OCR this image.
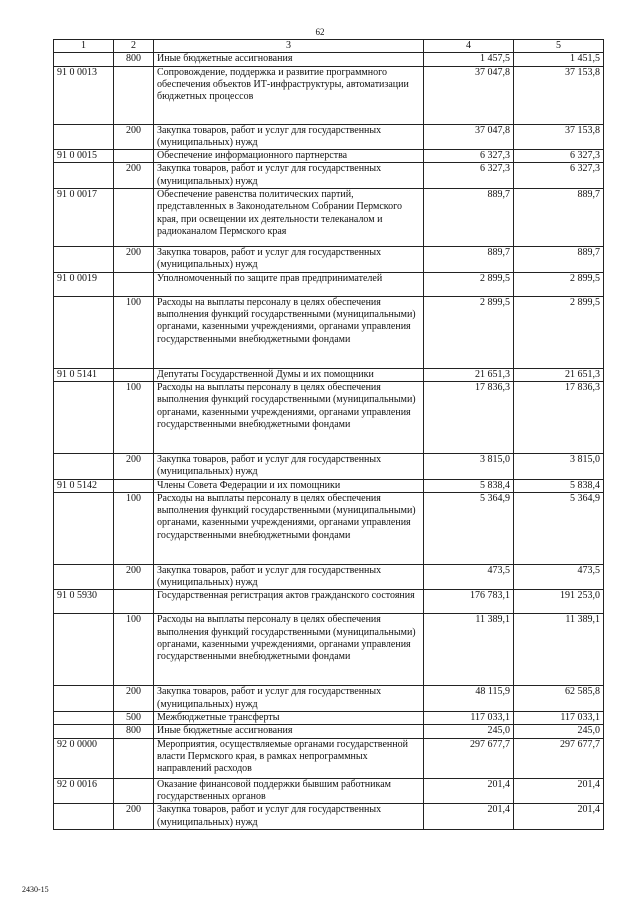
62
1	2	3	4	5
	800	Иные бюджетные ассигнования	1 457,5	1 451,5
91 0 0013		Сопровождение, поддержка и развитие программного обеспечения объектов ИТ-инфраструктуры, автоматизации бюджетных процессов	37 047,8	37 153,8
	200	Закупка товаров, работ и услуг для государственных (муниципальных) нужд	37 047,8	37 153,8
91 0 0015		Обеспечение информационного партнерства	6 327,3	6 327,3
	200	Закупка товаров, работ и услуг для государственных (муниципальных) нужд	6 327,3	6 327,3
91 0 0017		Обеспечение равенства политических партий, представленных в Законодательном Собрании Пермского края, при освещении их деятельности телеканалом и радиоканалом Пермского края	889,7	889,7
	200	Закупка товаров, работ и услуг для государственных (муниципальных) нужд	889,7	889,7
91 0 0019		Уполномоченный по защите прав предпринимателей	2 899,5	2 899,5
	100	Расходы на выплаты персоналу в целях обеспечения выполнения функций государственными (муниципальными) органами, казенными учреждениями, органами управления государственными внебюджетными фондами	2 899,5	2 899,5
91 0 5141		Депутаты Государственной Думы и их помощники	21 651,3	21 651,3
	100	Расходы на выплаты персоналу в целях обеспечения выполнения функций государственными (муниципальными) органами, казенными учреждениями, органами управления государственными внебюджетными фондами	17 836,3	17 836,3
	200	Закупка товаров, работ и услуг для государственных (муниципальных) нужд	3 815,0	3 815,0
91 0 5142		Члены Совета Федерации и их помощники	5 838,4	5 838,4
	100	Расходы на выплаты персоналу в целях обеспечения выполнения функций государственными (муниципальными) органами, казенными учреждениями, органами управления государственными внебюджетными фондами	5 364,9	5 364,9
	200	Закупка товаров, работ и услуг для государственных (муниципальных) нужд	473,5	473,5
91 0 5930		Государственная регистрация актов гражданского состояния	176 783,1	191 253,0
	100	Расходы на выплаты персоналу в целях обеспечения выполнения функций государственными (муниципальными) органами, казенными учреждениями, органами управления государственными внебюджетными фондами	11 389,1	11 389,1
	200	Закупка товаров, работ и услуг для государственных (муниципальных) нужд	48 115,9	62 585,8
	500	Межбюджетные трансферты	117 033,1	117 033,1
	800	Иные бюджетные ассигнования	245,0	245,0
92 0 0000		Мероприятия, осуществляемые органами государственной власти Пермского края, в рамках непрограммных направлений расходов	297 677,7	297 677,7
92 0 0016		Оказание финансовой поддержки бывшим работникам государственных органов	201,4	201,4
	200	Закупка товаров, работ и услуг для государственных (муниципальных) нужд	201,4	201,4
2430-15
